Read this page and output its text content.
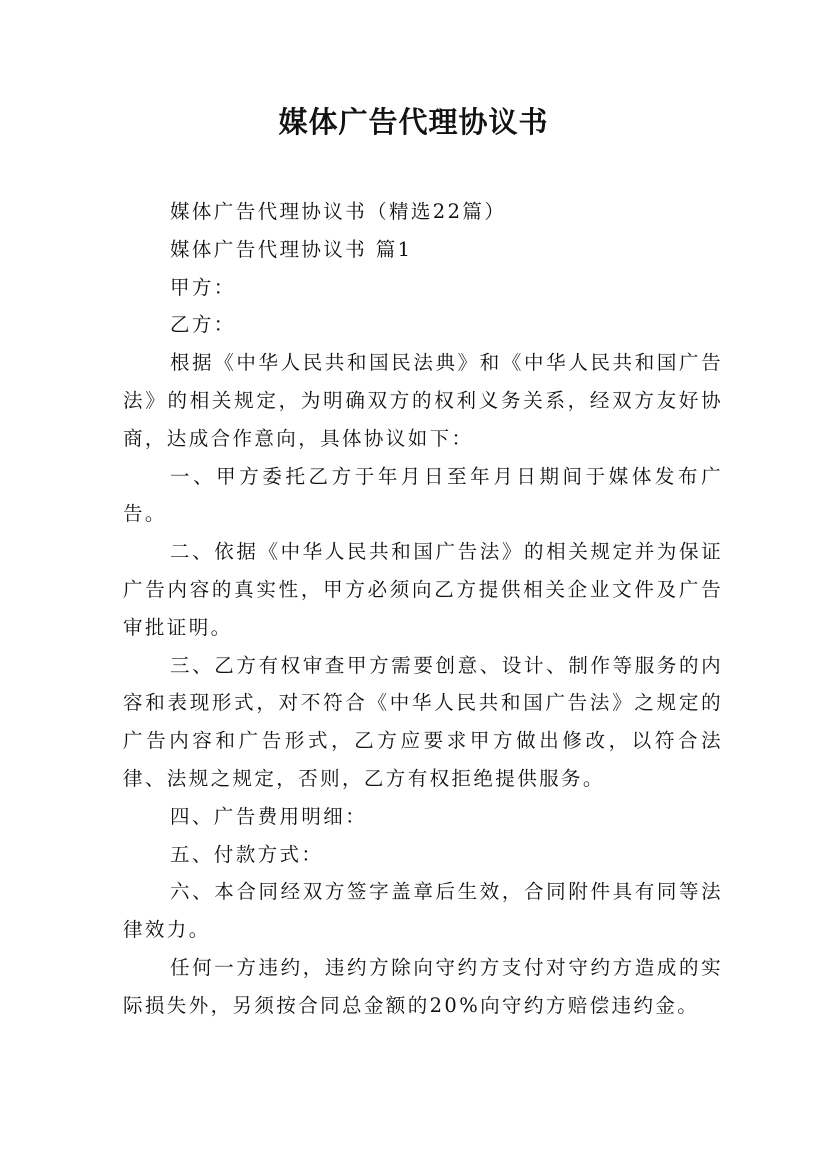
媒体广告代理协议书

媒体广告代理协议书（精选22篇）

媒体广告代理协议书 篇1

甲方：

乙方：

根据《中华人民共和国民法典》和《中华人民共和国广告法》的相关规定，为明确双方的权利义务关系，经双方友好协商，达成合作意向，具体协议如下：

一、甲方委托乙方于年月日至年月日期间于媒体发布广告。

二、依据《中华人民共和国广告法》的相关规定并为保证广告内容的真实性，甲方必须向乙方提供相关企业文件及广告审批证明。

三、乙方有权审查甲方需要创意、设计、制作等服务的内容和表现形式，对不符合《中华人民共和国广告法》之规定的广告内容和广告形式，乙方应要求甲方做出修改，以符合法律、法规之规定，否则，乙方有权拒绝提供服务。

四、广告费用明细：

五、付款方式：

六、本合同经双方签字盖章后生效，合同附件具有同等法律效力。

任何一方违约，违约方除向守约方支付对守约方造成的实际损失外，另须按合同总金额的20%向守约方赔偿违约金。
